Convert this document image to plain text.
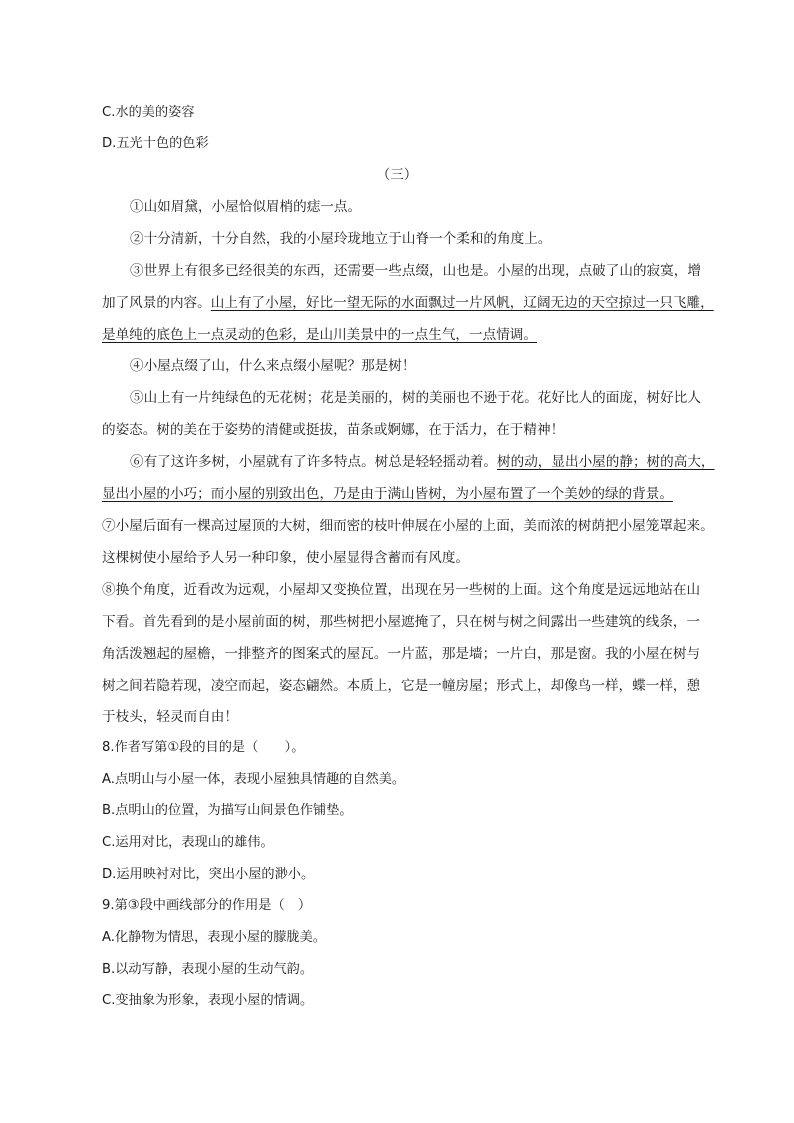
C.水的美的姿容
D.五光十色的色彩
（三）
①山如眉黛，小屋恰似眉梢的痣一点。
②十分清新，十分自然，我的小屋玲珑地立于山脊一个柔和的角度上。
③世界上有很多已经很美的东西，还需要一些点缀，山也是。小屋的出现，点破了山的寂寞，增
加了风景的内容。山上有了小屋，好比一望无际的水面飘过一片风帆，辽阔无边的天空掠过一只飞雕，
是单纯的底色上一点灵动的色彩，是山川美景中的一点生气，一点情调。
④小屋点缀了山，什么来点缀小屋呢？那是树！
⑤山上有一片纯绿色的无花树；花是美丽的，树的美丽也不逊于花。花好比人的面庞，树好比人
的姿态。树的美在于姿势的清健或挺拔，苗条或婀娜，在于活力，在于精神！
⑥有了这许多树，小屋就有了许多特点。树总是轻轻摇动着。树的动，显出小屋的静；树的高大，
显出小屋的小巧；而小屋的别致出色，乃是由于满山皆树，为小屋布置了一个美妙的绿的背景。
⑦小屋后面有一棵高过屋顶的大树，细而密的枝叶伸展在小屋的上面，美而浓的树荫把小屋笼罩起来。
这棵树使小屋给予人另一种印象，使小屋显得含蓄而有风度。
⑧换个角度，近看改为远观，小屋却又变换位置，出现在另一些树的上面。这个角度是远远地站在山
下看。首先看到的是小屋前面的树，那些树把小屋遮掩了，只在树与树之间露出一些建筑的线条，一
角活泼翘起的屋檐，一排整齐的图案式的屋瓦。一片蓝，那是墙；一片白，那是窗。我的小屋在树与
树之间若隐若现，凌空而起，姿态翩然。本质上，它是一幢房屋；形式上，却像鸟一样，蝶一样，憩
于枝头，轻灵而自由！
8.作者写第①段的目的是（　　）。
A.点明山与小屋一体，表现小屋独具情趣的自然美。
B.点明山的位置，为描写山间景色作铺垫。
C.运用对比，表现山的雄伟。
D.运用映衬对比，突出小屋的渺小。
9.第③段中画线部分的作用是（　）
A.化静物为情思，表现小屋的朦胧美。
B.以动写静，表现小屋的生动气韵。
C.变抽象为形象，表现小屋的情调。
